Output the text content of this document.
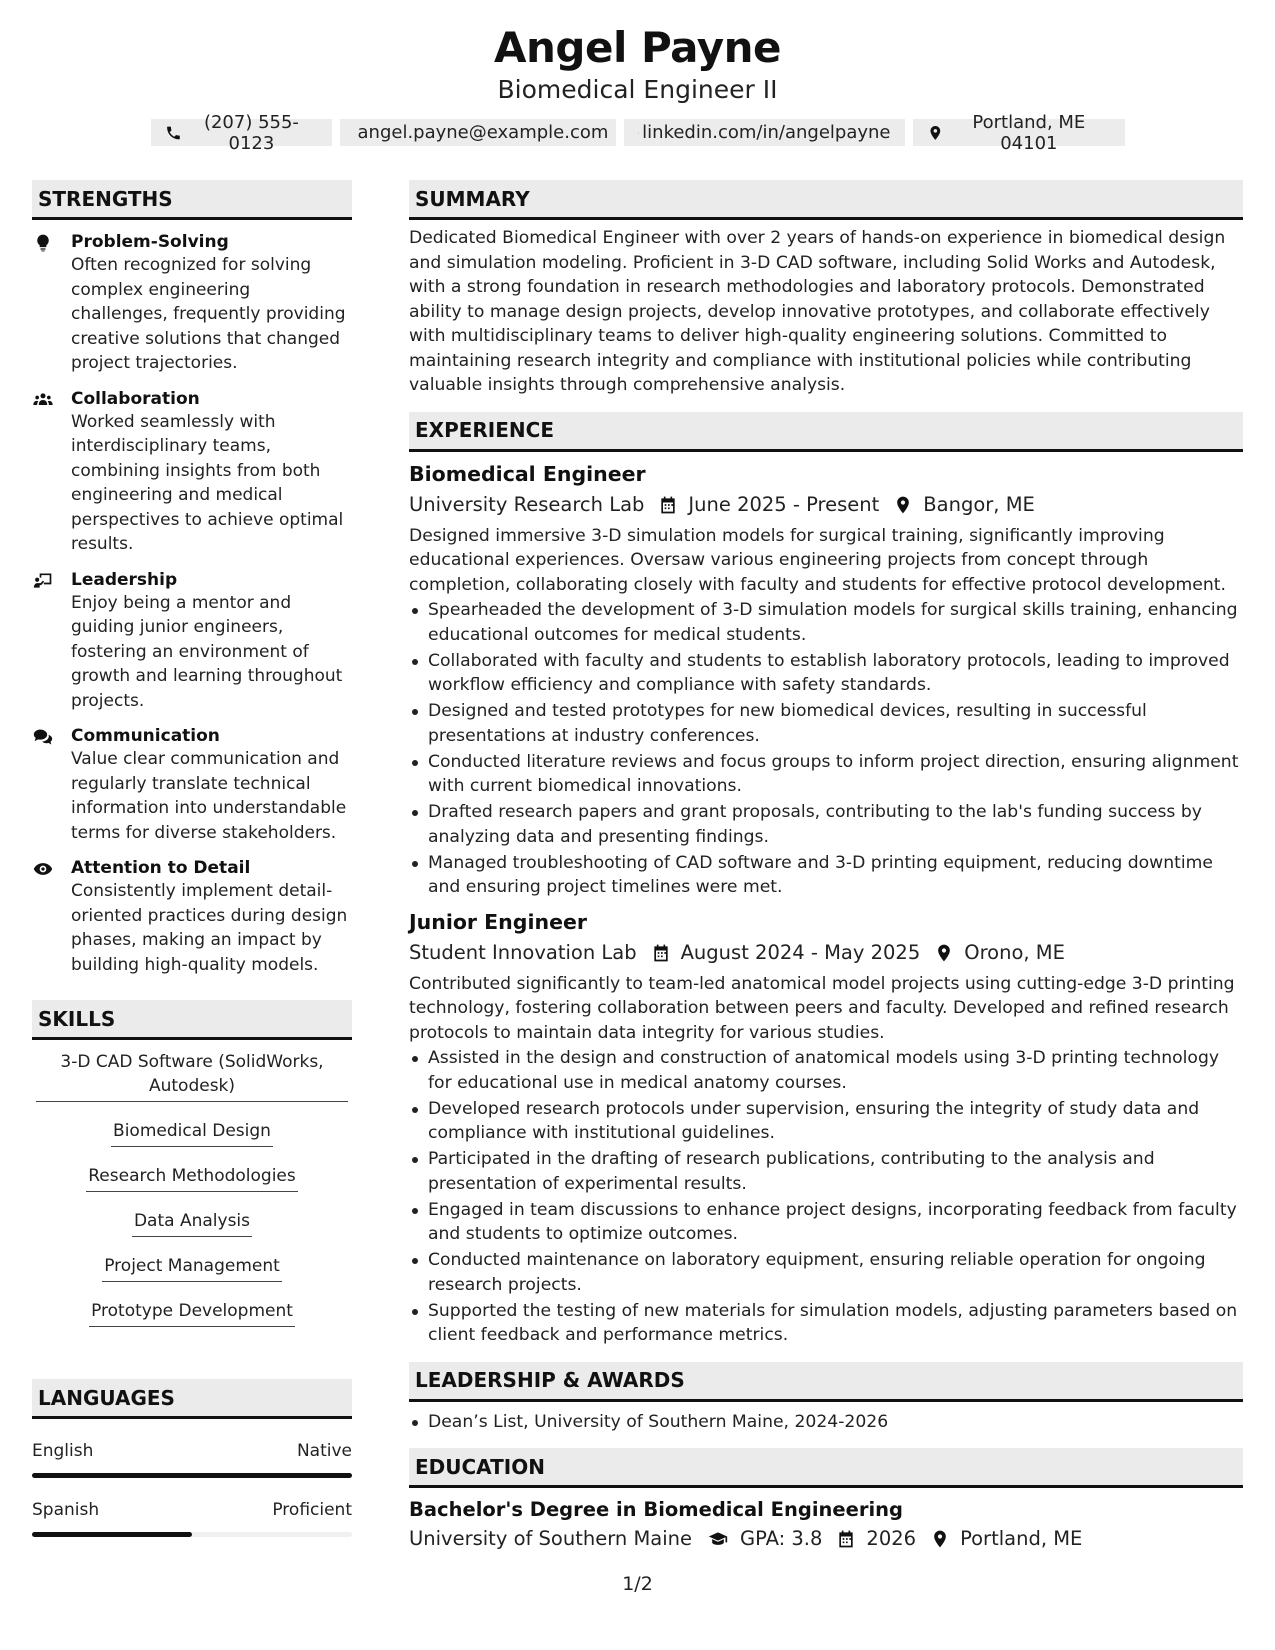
Angel Payne
Biomedical Engineer II
(207) 555-0123	angel.payne@example.com linkedin.com/in/angelpayne	Portland, ME 04101
STRENGTHS
Problem-Solving

Often recognized for solving complex engineering challenges, frequently providing creative solutions that changed project trajectories.

Collaboration

Worked seamlessly with interdisciplinary teams, combining insights from both engineering and medical perspectives to achieve optimal results.

Leadership

Enjoy being a mentor and guiding junior engineers, fostering an environment of growth and learning throughout projects.

Communication

Value clear communication and regularly translate technical information into understandable terms for diverse stakeholders.

Attention to Detail

Consistently implement detail-oriented practices during design phases, making an impact by building high-quality models.

SKILLS
3-D CAD Software (SolidWorks, Autodesk)
Biomedical Design
Research Methodologies
Data Analysis
Project Management
Prototype Development
LANGUAGES
English	Native
Spanish	Proficient
SUMMARY

Dedicated Biomedical Engineer with over 2 years of hands-on experience in biomedical design and simulation modeling. Proficient in 3-D CAD software, including Solid Works and Autodesk, with a strong foundation in research methodologies and laboratory protocols. Demonstrated ability to manage design projects, develop innovative prototypes, and collaborate effectively with multidisciplinary teams to deliver high-quality engineering solutions. Committed to maintaining research integrity and compliance with institutional policies while contributing valuable insights through comprehensive analysis.

EXPERIENCE
Biomedical Engineer
University Research Lab June 2025 - Present Bangor, ME

Designed immersive 3-D simulation models for surgical training, significantly improving educational experiences. Oversaw various engineering projects from concept through completion, collaborating closely with faculty and students for effective protocol development.

Spearheaded the development of 3-D simulation models for surgical skills training, enhancing educational outcomes for medical students.
Collaborated with faculty and students to establish laboratory protocols, leading to improved workflow efficiency and compliance with safety standards.
Designed and tested prototypes for new biomedical devices, resulting in successful presentations at industry conferences.
Conducted literature reviews and focus groups to inform project direction, ensuring alignment with current biomedical innovations.
Drafted research papers and grant proposals, contributing to the lab's funding success by analyzing data and presenting findings.
Managed troubleshooting of CAD software and 3-D printing equipment, reducing downtime and ensuring project timelines were met.
Junior Engineer
Student Innovation Lab August 2024 - May 2025 Orono, ME

Contributed significantly to team-led anatomical model projects using cutting-edge 3-D printing technology, fostering collaboration between peers and faculty. Developed and refined research protocols to maintain data integrity for various studies.

Assisted in the design and construction of anatomical models using 3-D printing technology for educational use in medical anatomy courses.
Developed research protocols under supervision, ensuring the integrity of study data and compliance with institutional guidelines.
Participated in the drafting of research publications, contributing to the analysis and presentation of experimental results.
Engaged in team discussions to enhance project designs, incorporating feedback from faculty and students to optimize outcomes.
Conducted maintenance on laboratory equipment, ensuring reliable operation for ongoing research projects.
Supported the testing of new materials for simulation models, adjusting parameters based on client feedback and performance metrics.
LEADERSHIP & AWARDS
Dean’s List, University of Southern Maine, 2024-2026
EDUCATION
Bachelor's Degree in Biomedical Engineering
University of Southern Maine GPA: 3.8 2026 Portland, ME
1/2
